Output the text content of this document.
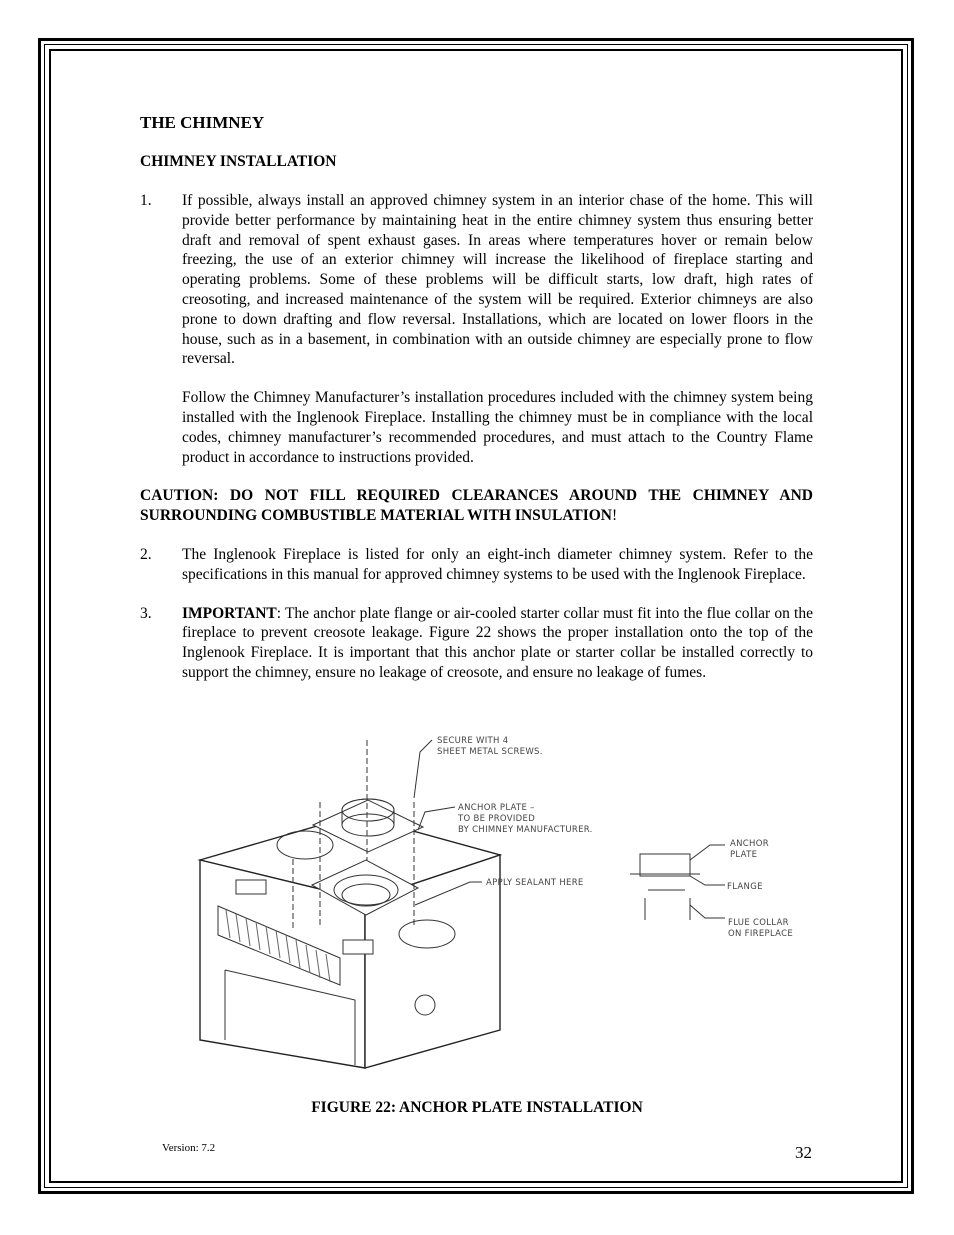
THE CHIMNEY
CHIMNEY INSTALLATION
1. If possible, always install an approved chimney system in an interior chase of the home. This will provide better performance by maintaining heat in the entire chimney system thus ensuring better draft and removal of spent exhaust gases. In areas where temperatures hover or remain below freezing, the use of an exterior chimney will increase the likelihood of fireplace starting and operating problems. Some of these problems will be difficult starts, low draft, high rates of creosoting, and increased maintenance of the system will be required. Exterior chimneys are also prone to down drafting and flow reversal. Installations, which are located on lower floors in the house, such as in a basement, in combination with an outside chimney are especially prone to flow reversal.
Follow the Chimney Manufacturer’s installation procedures included with the chimney system being installed with the Inglenook Fireplace. Installing the chimney must be in compliance with the local codes, chimney manufacturer’s recommended procedures, and must attach to the Country Flame product in accordance to instructions provided.
CAUTION: DO NOT FILL REQUIRED CLEARANCES AROUND THE CHIMNEY AND SURROUNDING COMBUSTIBLE MATERIAL WITH INSULATION!
2. The Inglenook Fireplace is listed for only an eight-inch diameter chimney system. Refer to the specifications in this manual for approved chimney systems to be used with the Inglenook Fireplace.
3. IMPORTANT: The anchor plate flange or air-cooled starter collar must fit into the flue collar on the fireplace to prevent creosote leakage. Figure 22 shows the proper installation onto the top of the Inglenook Fireplace. It is important that this anchor plate or starter collar be installed correctly to support the chimney, ensure no leakage of creosote, and ensure no leakage of fumes.
SECURE WITH 4
SHEET METAL SCREWS.
ANCHOR PLATE –
TO BE PROVIDED
BY CHIMNEY MANUFACTURER.
APPLY SEALANT HERE
ANCHOR
PLATE
FLANGE
FLUE COLLAR
ON FIREPLACE
FIGURE 22: ANCHOR PLATE INSTALLATION
Version: 7.2	32
